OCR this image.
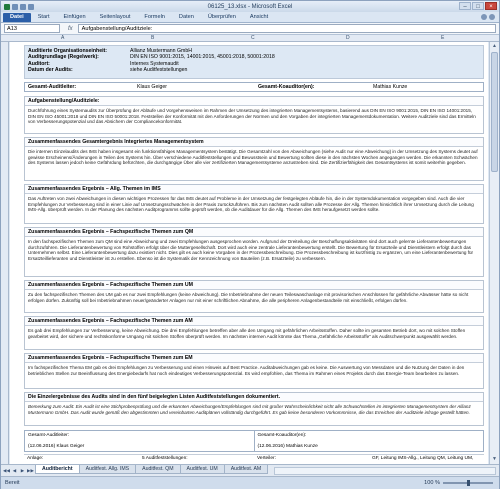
06125_13.xlsx - Microsoft Excel	–	□	×
Datei	Start	Einfügen	Seitenlayout	Formeln	Daten	Überprüfen	Ansicht
A13	fx	Aufgabenstellung/Auditziele:
A	B	C	D	E
Auditierte Organisationseinheit:	Allianz Mustermann GmbH
Auditgrundlage (Regelwerk):	DIN EN ISO 9001:2015, 14001:2015, 45001:2018, 50001:2018
Auditort:	Internes Systemaudit
Datum der Audits:	siehe Auditfeststellungen
Gesamt-Auditleiter:	Klaus Geiger	Gesamt-Koauditor(en):	Mathias Kunze
Aufgabenstellung/Auditziele:
Durchführung eines Systemaudits zur Überprüfung der Abläufe und Vorgehensweisen im Rahmen der Umsetzung des integrierten Managementsystems, basierend aus DIN EN ISO 9001:2015, DIN EN ISO 14001:2015, DIN EN ISO 45001:2018 und DIN EN ISO 50001:2018. Feststellen der Konformität mit den Anforderungen der Normen und den Vorgaben der integrierten Managementdokumentation. Weitere Auditziele sind das Ermitteln von Verbesserungspotenzial und das Absichern der Compliancekonformität.
Zusammenfassendes Gesamtergebnis Integriertes Managementsystem
Die internen Einzelaudits des IMS haben insgesamt ein funktionsfähiges Managementsystem bestätigt. Die Gesamtzahl von den Abweichungen (siehe Audit nur eine Abweichung) in der Umsetzung des Systems deutet auf gewisse Erscheinens/Änderungen in Teilen des Systems hin. Über verschiedene Auditfeststellungen und Bewusstsein und Bewertung sollten diese in den nächsten Wochen angegangen werden. Die erkannten Schwächen des Systems lassen jedoch keine Gefährdung befürchten, die durchgängige Über alle vier zertifizierten Managementsysteme anzustreben sind. Die Zertifizierfähigkeit des Gesamtsystems ist somit weiterhin gegeben.
Zusammenfassendes Ergebnis – Allg. Themen im IMS
Das Auftreten von zwei Abweichungen in diesen wichtigen Prozessen für das IMS deutet auf Probleme in der Umsetzung der festgelegten Abläufe hin, die in der Systemdokumentation vorgegeben sind. Auch die vier Empfehlungen zur Verbesserung sind in einer Linie auf Umsetzungsschwächen in der Praxis zurückzuführen. Bis zum nächsten Audit sollten alle Prozesse der Allg. Themen hinsichtlich ihrer Umsetzung durch die Leitung IMS-Allg. überprüft werden. In der Planung des nächsten Auditprogramms sollte geprüft werden, ob die Auditdauer für die Allg. Themen des IMS heraufgesetzt werden sollte.
Zusammenfassendes Ergebnis – Fachspezifische Themen zum QM
In den fachspezifischen Themen zum QM sind eine Abweichung und zwei Empfehlungen ausgesprochen worden. Aufgrund der Dreiteilung der Beschaffungsaktivitäten sind dort auch gelernte Lieferantenbewertungen durchzuführen. Die Lieferantenbewertung von Rohstoffen erfolgt über die Muttergesellschaft. Dort wird auch eine zentrale Lieferantenbewertung erstellt. Die Bewertung für Ersatzteile und Dienstleistern erfolgt durch das Unternehmen selbst. Eine Lieferantenbewertung dazu existiert nicht. Dies gilt es auch keine Vorgaben in der Prozessbeschreibung. Die Prozessbeschreibung ist kurzfristig zu ergänzen, um eine Lieferantenbewertung für Ersatzteillieferanten und Dienstleister ist zu erstellen. Ebenso ist die Systematik der Kennzeichnung von Bauteilen (z.B. Ersatzteile) zu verbessern.
Zusammenfassendes Ergebnis – Fachspezifische Themen zum UM
Zu den fachspezifischen Themen des UM gab es nur zwei Empfehlungen (keine Abweichung). Die Inbetriebnahme der neuen Teileswaschanlage mit provisorischen Anschlüssen für gefährliche Abwässer hätte so nicht erfolgen dürfen. Zukünftig soll bei Inbetriebnahmen neuer/geänderter Anlagen nur mit einer schriftlichen Abnahme, die alle peripheren Anlagenbestandteile mit einschließt, erfolgen dürfen.
Zusammenfassendes Ergebnis – Fachspezifische Themen zum AM
Es gab drei Empfehlungen zur Verbesserung, keine Abweichung. Die drei Empfehlungen betreffen aber alle den Umgang mit gefährlichen Arbeitsstoffen. Daher sollte im gesamten Betrieb dort, wo mit solchen Stoffen gearbeitet wird, der sichere und rechtskonforme Umgang mit solchen Stoffen überprüft werden. Im nächsten internen Audit könnte das Thema „Gefährliche Arbeitsstoffe" als Auditschwerpunkt ausgewählt werden.
Zusammenfassendes Ergebnis – Fachspezifische Themen zum EM
Im fachspezifischen Thema EM gab es drei Empfehlungen zu Verbesserung und einen Hinweis auf Best Practice. Auditabweichungen gab es keine. Die Auswertung von Messdaten und die Nutzung der Daten in den betrieblichen Stellen zur Beeinflussung des Energiebedarfs hat noch eindeutiges Verbesserungspotenzial. Es wird empfohlen, das Thema im Rahmen eines Projekts durch das Energie-Team bearbeiten zu lassen.
Die Einzelergebnisse des Audits sind in den fünf beigelegten Listen Auditfeststellungen dokumentiert.
Bemerkung zum Audit: Ein Audit ist eine Stichprobenprüfung und die erkannten Abweichungen/Empfehlungen sind mit großer Wahrscheinlichkeit nicht alle Schwachstellen im integrierten Managementsystem der Allianz Mustermann GmbH. Das Audit wurde gemäß den abgestimmten und vereinbarten Auditplänen vollständig durchgeführt. Es gab keine besonderen Vorkommnisse, die das Erreichen der Auditziele infrage gestellt hätten.
Gesamt-Auditleiter:
(12.06.2016) Klaus Geiger
Gesamt-Koauditor(en):
(12.06.2016) Mathias Kunze
Anlage:	5 Auditfeststellungen:	Verteiler:	GF, Leitung IMS-Allg., Leitung QM, Leitung UM,
▲
▼
◀◀ ◀ ▶ ▶▶	Auditbericht	Auditfest. Allg. IMS	Auditfest. QM	Auditfest. UM	Auditfest. AM
Bereit	100 %
